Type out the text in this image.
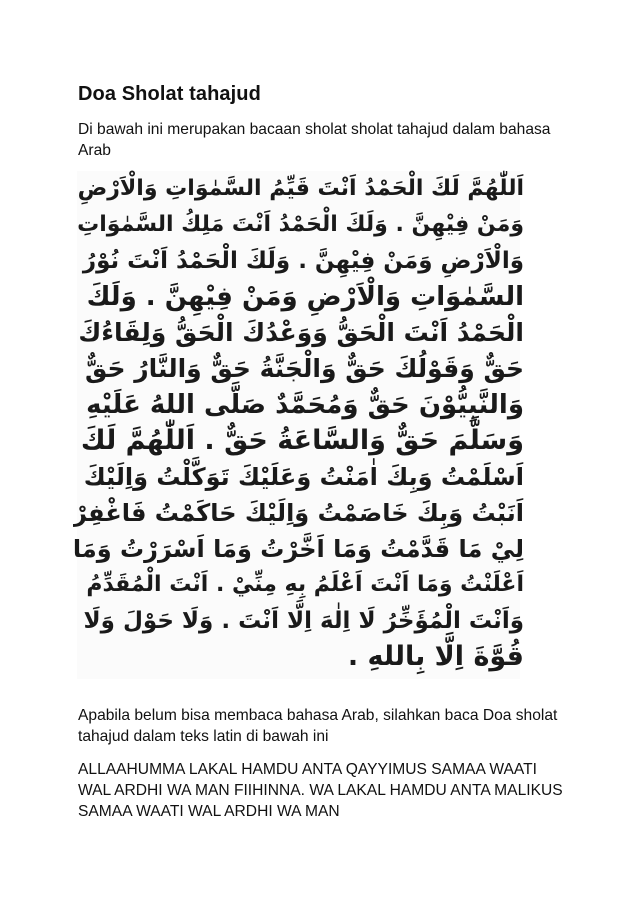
Doa Sholat tahajud
Di bawah ini merupakan bacaan sholat sholat tahajud dalam bahasa Arab
اَللّٰهُمَّ لَكَ الْحَمْدُ اَنْتَ قَيِّمُ السَّمٰوَاتِ وَالْاَرْضِ
وَمَنْ فِيْهِنَّ . وَلَكَ الْحَمْدُ اَنْتَ مَلِكُ السَّمٰوَاتِ
وَالْاَرْضِ وَمَنْ فِيْهِنَّ . وَلَكَ الْحَمْدُ اَنْتَ نُوْرُ
السَّمٰوَاتِ وَالْاَرْضِ وَمَنْ فِيْهِنَّ . وَلَكَ
الْحَمْدُ اَنْتَ الْحَقُّ وَوَعْدُكَ الْحَقُّ وَلِقَاءُكَ
حَقٌّ وَقَوْلُكَ حَقٌّ وَالْجَنَّةُ حَقٌّ وَالنَّارُ حَقٌّ
وَالنَّبِيُّوْنَ حَقٌّ وَمُحَمَّدٌ صَلَّى اللهُ عَلَيْهِ
وَسَلَّمَ حَقٌّ وَالسَّاعَةُ حَقٌّ . اَللّٰهُمَّ لَكَ
اَسْلَمْتُ وَبِكَ اٰمَنْتُ وَعَلَيْكَ تَوَكَّلْتُ وَاِلَيْكَ
اَنَبْتُ وَبِكَ خَاصَمْتُ وَاِلَيْكَ حَاكَمْتُ فَاغْفِرْ
لِيْ مَا قَدَّمْتُ وَمَا اَخَّرْتُ وَمَا اَسْرَرْتُ وَمَا
اَعْلَنْتُ وَمَا اَنْتَ اَعْلَمُ بِهِ مِنِّيْ . اَنْتَ الْمُقَدِّمُ
وَاَنْتَ الْمُؤَخِّرُ لَا اِلٰهَ اِلَّا اَنْتَ . وَلَا حَوْلَ وَلَا
قُوَّةَ اِلَّا بِاللهِ .
Apabila belum bisa membaca bahasa Arab, silahkan baca Doa sholat tahajud dalam teks latin di bawah ini
ALLAAHUMMA LAKAL HAMDU ANTA QAYYIMUS SAMAA WAATI WAL ARDHI WA MAN FIIHINNA. WA LAKAL HAMDU ANTA MALIKUS SAMAA WAATI WAL ARDHI WA MAN
